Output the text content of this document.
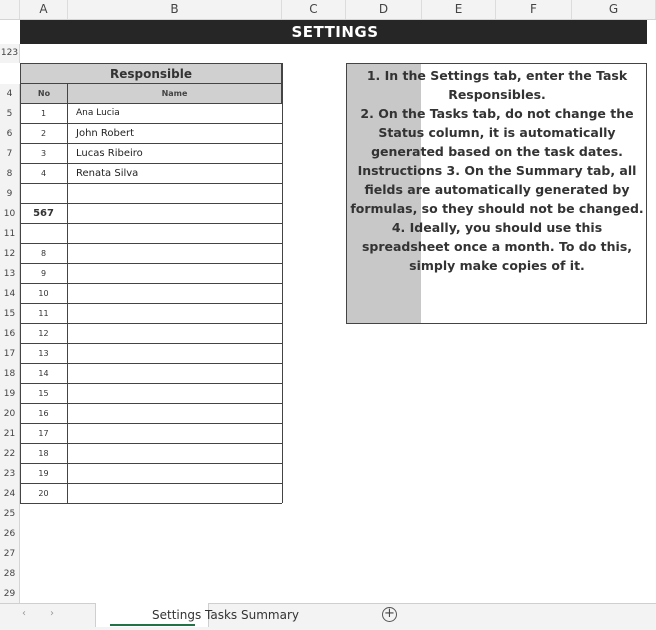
A	B	C	D	E	F	G
123
4
5
6
7
8
9
10
11
12
13
14
15
16
17
18
19
20
21
22
23
24
25
26
27
28
29
SETTINGS
Responsible
No	Name
1	Ana Lucia
2	John Robert
3	Lucas Ribeiro
4	Renata Silva
567
8
9
10
11
12
13
14
15
16
17
18
19
20
1. In the Settings tab, enter the Task Responsibles.
2. On the Tasks tab, do not change the Status column, it is automatically generated based on the task dates.
Instructions 3. On the Summary tab, all fields are automatically generated by formulas, so they should not be changed.
4. Ideally, you should use this spreadsheet once a month. To do this, simply make copies of it.
‹ ›	Settings Tasks Summary	+
